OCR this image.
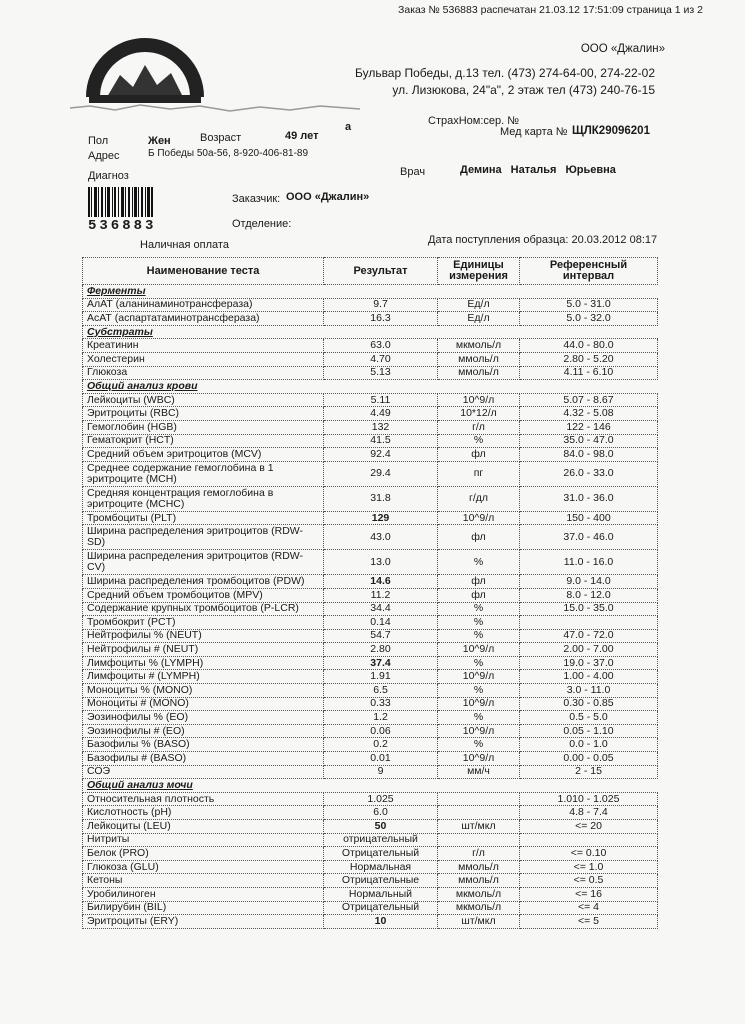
Заказ № 536883 распечатан 21.03.12 17:51:09 страница 1 из 2
ООО «Джалин»
Бульвар Победы, д.13 тел. (473) 274-64-00, 274-22-02
ул. Лизюкова, 24"а", 2 этаж тел (473) 240-76-15
а	СтрахНом:сер. №
Мед карта № ЩЛК29096201
Пол	Жен	Возраст	49 лет
Адрес	Б Победы 50а-56, 8-920-406-81-89
Диагноз	Врач	Демина Наталья Юрьевна
536883
Заказчик: ООО «Джалин»
Отделение:
Наличная оплата	Дата поступления образца: 20.03.2012 08:17
Наименование теста	Результат	Единицы измерения	Референсный интервал
Ферменты			
АлАТ (аланинаминотрансфераза)	9.7	Ед/л	5.0 - 31.0
АсАТ (аспартатаминотрансфераза)	16.3	Ед/л	5.0 - 32.0
Субстраты			
Креатинин	63.0	мкмоль/л	44.0 - 80.0
Холестерин	4.70	ммоль/л	2.80 - 5.20
Глюкоза	5.13	ммоль/л	4.11 - 6.10
Общий анализ крови			
Лейкоциты (WBC)	5.11	10^9/л	5.07 - 8.67
Эритроциты (RBC)	4.49	10*12/л	4.32 - 5.08
Гемоглобин (HGB)	132	г/л	122 - 146
Гематокрит (HCT)	41.5	%	35.0 - 47.0
Средний объем эритроцитов (MCV)	92.4	фл	84.0 - 98.0
Среднее содержание гемоглобина в 1 эритроците (MCH)	29.4	пг	26.0 - 33.0
Средняя концентрация гемоглобина в эритроците (MCHC)	31.8	г/дл	31.0 - 36.0
Тромбоциты (PLT)	129	10^9/л	150 - 400
Ширина распределения эритроцитов (RDW-SD)	43.0	фл	37.0 - 46.0
Ширина распределения эритроцитов (RDW-CV)	13.0	%	11.0 - 16.0
Ширина распределения тромбоцитов (PDW)	14.6	фл	9.0 - 14.0
Средний объем тромбоцитов (MPV)	11.2	фл	8.0 - 12.0
Содержание крупных тромбоцитов (P-LCR)	34.4	%	15.0 - 35.0
Тромбокрит (PCT)	0.14	%	
Нейтрофилы % (NEUT)	54.7	%	47.0 - 72.0
Нейтрофилы # (NEUT)	2.80	10^9/л	2.00 - 7.00
Лимфоциты % (LYMPH)	37.4	%	19.0 - 37.0
Лимфоциты # (LYMPH)	1.91	10^9/л	1.00 - 4.00
Моноциты % (MONO)	6.5	%	3.0 - 11.0
Моноциты # (MONO)	0.33	10^9/л	0.30 - 0.85
Эозинофилы % (EO)	1.2	%	0.5 - 5.0
Эозинофилы # (EO)	0.06	10^9/л	0.05 - 1.10
Базофилы % (BASO)	0.2	%	0.0 - 1.0
Базофилы # (BASO)	0.01	10^9/л	0.00 - 0.05
СОЭ	9	мм/ч	2 - 15
Общий анализ мочи			
Относительная плотность	1.025		1.010 - 1.025
Кислотность (pH)	6.0		4.8 - 7.4
Лейкоциты (LEU)	50	шт/мкл	<= 20
Нитриты	отрицательный		
Белок (PRO)	Отрицательный	г/л	<= 0.10
Глюкоза (GLU)	Нормальная	ммоль/л	<= 1.0
Кетоны	Отрицательные	ммоль/л	<= 0.5
Уробилиноген	Нормальный	мкмоль/л	<= 16
Билирубин (BIL)	Отрицательный	мкмоль/л	<= 4
Эритроциты (ERY)	10	шт/мкл	<= 5
